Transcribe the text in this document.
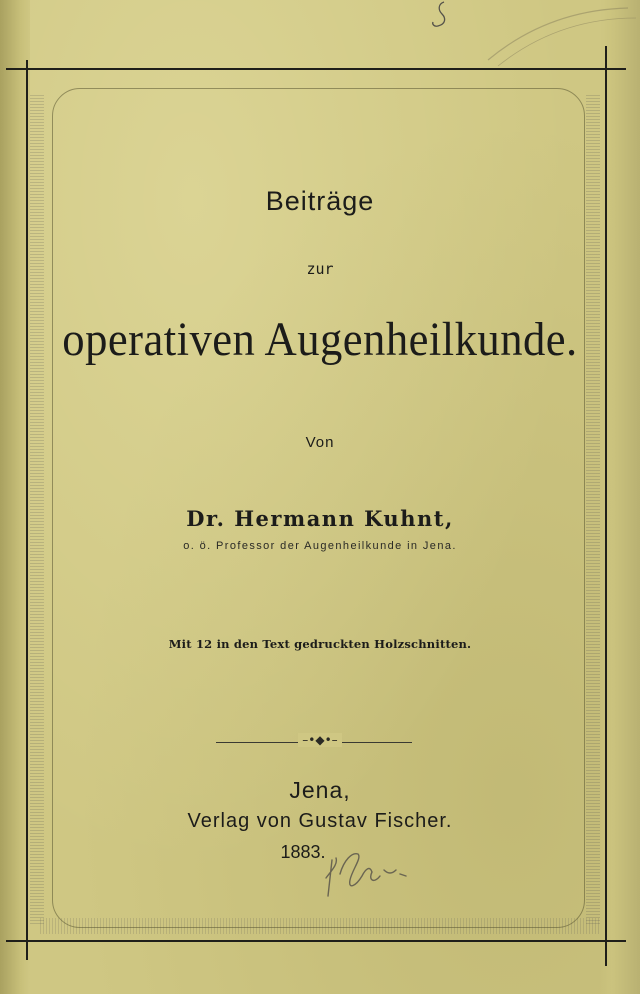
Beiträge
zur
operativen Augenheilkunde.
Von
Dr. Hermann Kuhnt,
o. ö. Professor der Augenheilkunde in Jena.
Mit 12 in den Text gedruckten Holzschnitten.
–•◆•–
Jena,
Verlag von Gustav Fischer.
1883.
